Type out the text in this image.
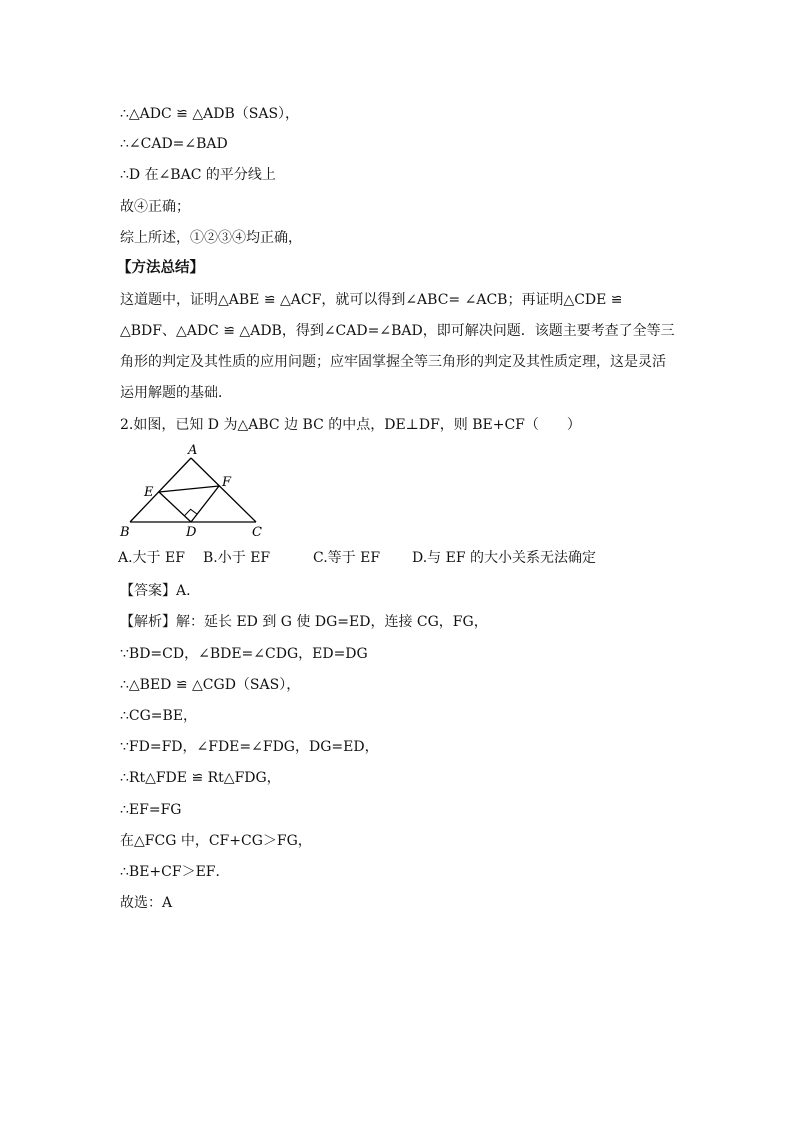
∴△ADC ≌ △ADB（SAS），
∴∠CAD=∠BAD
∴D 在∠BAC 的平分线上
故④正确；
综上所述，①②③④均正确，
【方法总结】
这道题中，证明△ABE ≌ △ACF，就可以得到∠ABC= ∠ACB；再证明△CDE ≌ △BDF、△ADC ≌ △ADB，得到∠CAD=∠BAD，即可解决问题．该题主要考查了全等三角形的判定及其性质的应用问题；应牢固掌握全等三角形的判定及其性质定理，这是灵活运用解题的基础．
2.如图，已知 D 为△ABC 边 BC 的中点，DE⊥DF，则 BE+CF（　　）
A
B	C
D
E
F
A.大于 EF B.小于 EF	C.等于 EF D.与 EF 的大小关系无法确定
【答案】A.
【解析】解：延长 ED 到 G 使 DG=ED，连接 CG，FG，
∵BD=CD，∠BDE=∠CDG，ED=DG
∴△BED ≌ △CGD（SAS），
∴CG=BE，
∵FD=FD，∠FDE=∠FDG，DG=ED，
∴Rt△FDE ≌ Rt△FDG，
∴EF=FG
在△FCG 中，CF+CG＞FG，
∴BE+CF＞EF．
故选：A
